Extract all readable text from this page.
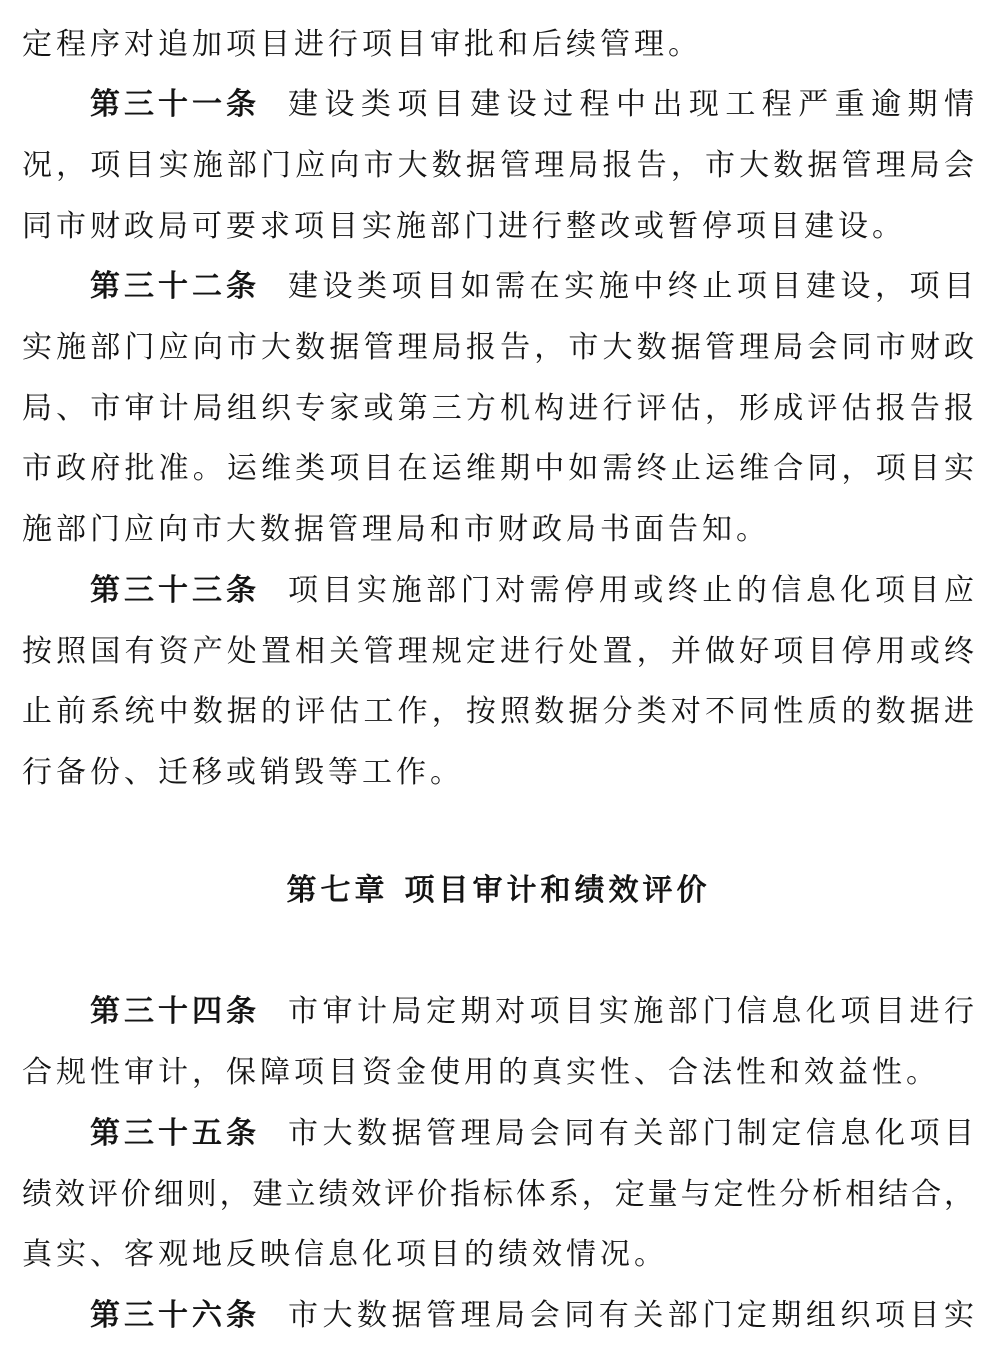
定程序对追加项目进行项目审批和后续管理。
第三十一条 建设类项目建设过程中出现工程严重逾期情
况，项目实施部门应向市大数据管理局报告，市大数据管理局会
同市财政局可要求项目实施部门进行整改或暂停项目建设。
第三十二条 建设类项目如需在实施中终止项目建设，项目
实施部门应向市大数据管理局报告，市大数据管理局会同市财政
局、市审计局组织专家或第三方机构进行评估，形成评估报告报
市政府批准。运维类项目在运维期中如需终止运维合同，项目实
施部门应向市大数据管理局和市财政局书面告知。
第三十三条 项目实施部门对需停用或终止的信息化项目应
按照国有资产处置相关管理规定进行处置，并做好项目停用或终
止前系统中数据的评估工作，按照数据分类对不同性质的数据进
行备份、迁移或销毁等工作。
第七章 项目审计和绩效评价
第三十四条 市审计局定期对项目实施部门信息化项目进行
合规性审计，保障项目资金使用的真实性、合法性和效益性。
第三十五条 市大数据管理局会同有关部门制定信息化项目
绩效评价细则，建立绩效评价指标体系，定量与定性分析相结合，
真实、客观地反映信息化项目的绩效情况。
第三十六条 市大数据管理局会同有关部门定期组织项目实
